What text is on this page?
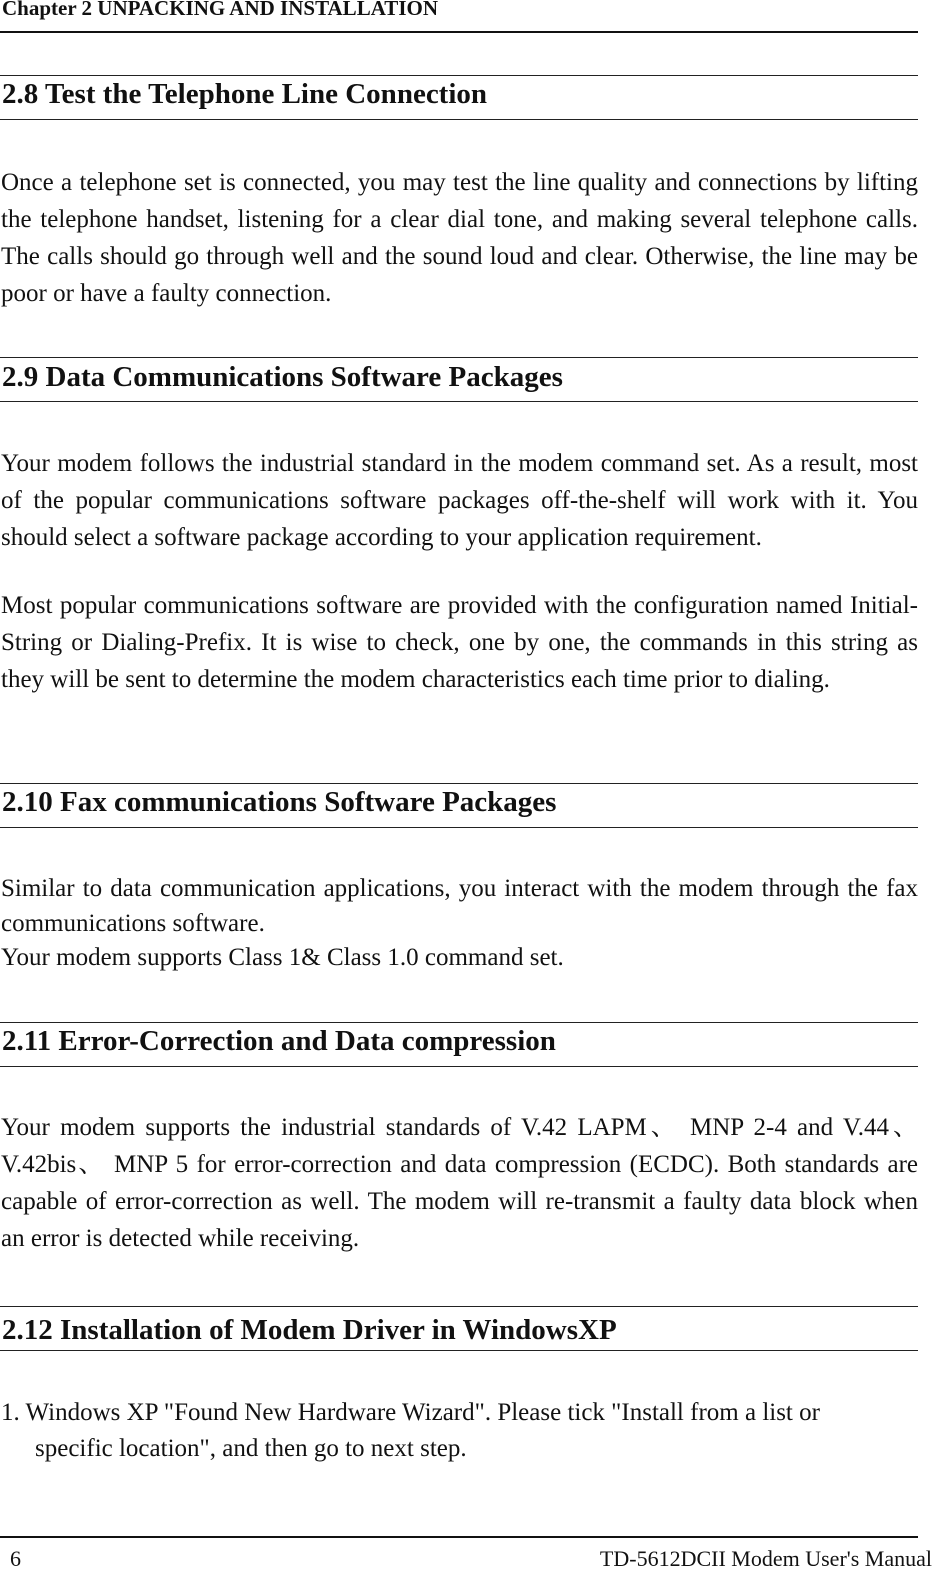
Chapter 2 UNPACKING AND INSTALLATION
2.8 Test the Telephone Line Connection

Once a telephone set is connected, you may test the line quality and connections by lifting the telephone handset, listening for a clear dial tone, and making several telephone calls. The calls should go through well and the sound loud and clear. Otherwise, the line may be poor or have a faulty connection.

2.9 Data Communications Software Packages

Your modem follows the industrial standard in the modem command set. As a result, most of the popular communications software packages off-the-shelf will work with it. You should select a software package according to your application requirement.

Most popular communications software are provided with the configuration named Initial-String or Dialing-Prefix. It is wise to check, one by one, the commands in this string as they will be sent to determine the modem characteristics each time prior to dialing.

2.10 Fax communications Software Packages

Similar to data communication applications, you interact with the modem through the fax communications software.

Your modem supports Class 1& Class 1.0 command set.

2.11 Error-Correction and Data compression

Your modem supports the industrial standards of V.42 LAPM、 MNP 2-4 and V.44、 V.42bis、 MNP 5 for error-correction and data compression (ECDC). Both standards are capable of error-correction as well. The modem will re-transmit a faulty data block when an error is detected while receiving.

2.12 Installation of Modem Driver in WindowsXP
1. Windows XP "Found New Hardware Wizard". Please tick "Install from a list or
specific location", and then go to next step.
6	TD-5612DCII Modem User's Manual
